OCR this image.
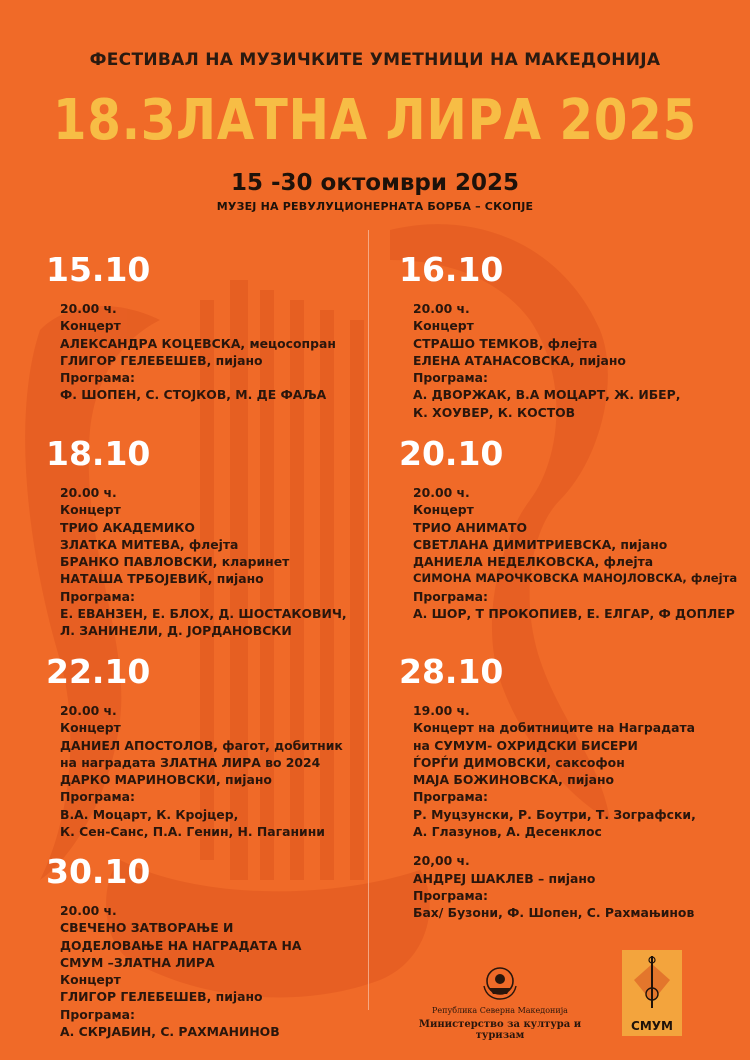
ФЕСТИВАЛ НА МУЗИЧКИТЕ УМЕТНИЦИ НА МАКЕДОНИЈА
18.ЗЛАТНА ЛИРА 2025
15 -30 октомври 2025
МУЗЕЈ НА РЕВУЛУЦИОНЕРНАТА БОРБА – СКОПЈЕ
15.10
20.00 ч.
Концерт
АЛЕКСАНДРА КОЦЕВСКА, мецосопран
ГЛИГОР ГЕЛЕБЕШЕВ, пијано
Програма:
Ф. ШОПЕН, С. СТОЈКОВ, М. ДЕ ФАЉА
16.10
20.00 ч.
Концерт
СТРАШО ТЕМКОВ, флејта
ЕЛЕНА АТАНАСОВСКА, пијано
Програма:
А. ДВОРЖАК, В.А МОЦАРТ, Ж. ИБЕР,
К. ХОУВЕР, К. КОСТОВ
18.10
20.00 ч.
Концерт
ТРИО АКАДЕМИКО
ЗЛАТКА МИТЕВА, флејта
БРАНКО ПАВЛОВСКИ, кларинет
НАТАША ТРБОЈЕВИЌ, пијано
Програма:
Е. ЕВАНЗЕН, Е. БЛОХ, Д. ШОСТАКОВИЧ,
Л. ЗАНИНЕЛИ, Д. ЈОРДАНОВСКИ
20.10
20.00 ч.
Концерт
ТРИО АНИМАТО
СВЕТЛАНА ДИМИТРИЕВСКА, пијано
ДАНИЕЛА НЕДЕЛКОВСКА, флејта
СИМОНА МАРОЧКОВСКА МАНОЈЛОВСКА, флејта
Програма:
А. ШОР, Т ПРОКОПИЕВ, Е. ЕЛГАР, Ф ДОПЛЕР
22.10
20.00 ч.
Концерт
ДАНИЕЛ АПОСТОЛОВ, фагот, добитник
на наградата ЗЛАТНА ЛИРА во 2024
ДАРКО МАРИНОВСКИ, пијано
Програма:
В.А. Моцарт, К. Кројцер,
К. Сен-Санс, П.А. Генин, Н. Паганини
28.10
19.00 ч.
Концерт на добитниците на Наградата
на СУМУМ- ОХРИДСКИ БИСЕРИ
ЃОРЃИ ДИМОВСКИ, саксофон
МАЈА БОЖИНОВСКА, пијано
Програма:
Р. Муцзунски, Р. Боутри, Т. Зографски,
А. Глазунов, А. Десенклос
20,00 ч.
АНДРЕЈ ШАКЛЕВ – пијано
Програма:
Бах/ Бузони, Ф. Шопен, С. Рахмањинов
30.10
20.00 ч.
СВЕЧЕНО ЗАТВОРАЊЕ И
ДОДЕЛОВАЊЕ НА НАГРАДАТА НА
СМУМ –ЗЛАТНА ЛИРА
Концерт
ГЛИГОР ГЕЛЕБЕШЕВ, пијано
Програма:
А. СКРЈАБИН, С. РАХМАНИНОВ
Република Северна Македонија
Министерство за култура и туризам
СМУМ
